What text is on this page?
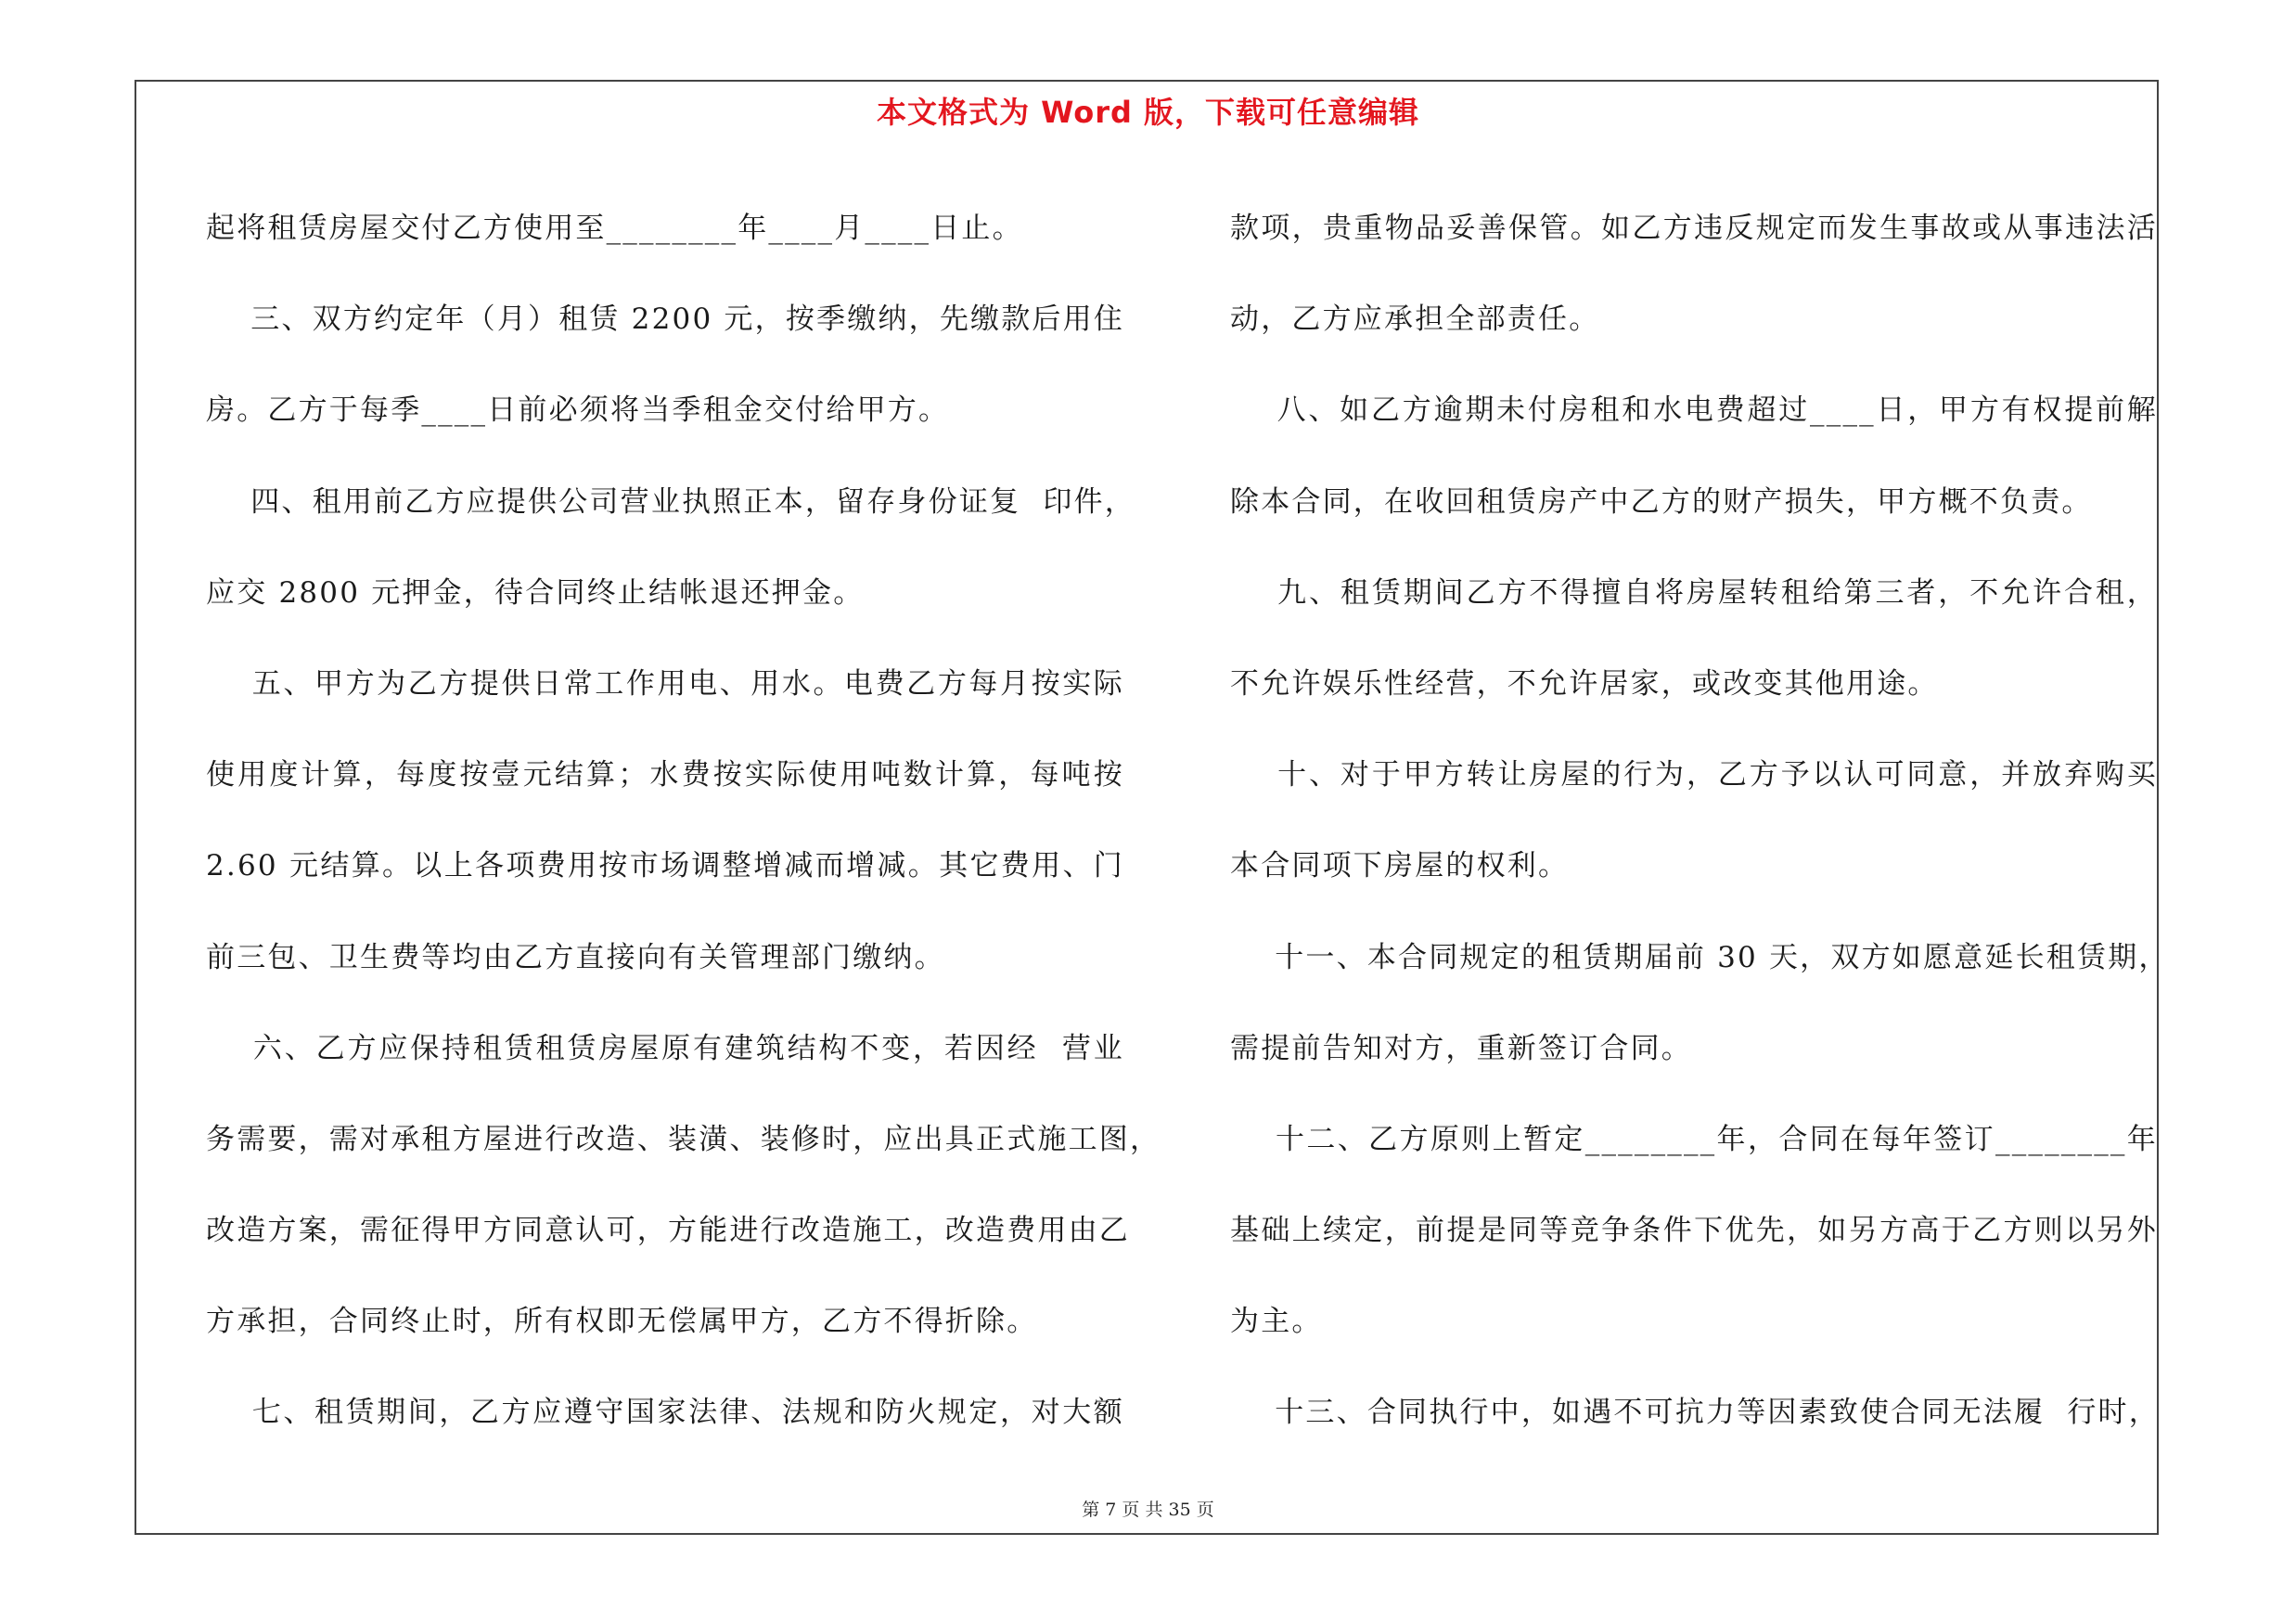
本文格式为 Word 版，下载可任意编辑
起将租赁房屋交付乙方使用至________年____月____日止。
三、双方约定年（月）租赁 2200 元，按季缴纳，先缴款后用住
房。乙方于每季____日前必须将当季租金交付给甲方。
四、租用前乙方应提供公司营业执照正本，留存身份证复  印件，
应交 2800 元押金，待合同终止结帐退还押金。
五、甲方为乙方提供日常工作用电、用水。电费乙方每月按实际
使用度计算，每度按壹元结算；水费按实际使用吨数计算，每吨按
2.60 元结算。以上各项费用按市场调整增减而增减。其它费用、门
前三包、卫生费等均由乙方直接向有关管理部门缴纳。
六、乙方应保持租赁租赁房屋原有建筑结构不变，若因经  营业
务需要，需对承租方屋进行改造、装潢、装修时，应出具正式施工图，
改造方案，需征得甲方同意认可，方能进行改造施工，改造费用由乙
方承担，合同终止时，所有权即无偿属甲方，乙方不得折除。
七、租赁期间，乙方应遵守国家法律、法规和防火规定，对大额
款项，贵重物品妥善保管。如乙方违反规定而发生事故或从事违法活
动，乙方应承担全部责任。
八、如乙方逾期未付房租和水电费超过____日，甲方有权提前解
除本合同，在收回租赁房产中乙方的财产损失，甲方概不负责。
九、租赁期间乙方不得擅自将房屋转租给第三者，不允许合租，
不允许娱乐性经营，不允许居家，或改变其他用途。
十、对于甲方转让房屋的行为，乙方予以认可同意，并放弃购买
本合同项下房屋的权利。
十一、本合同规定的租赁期届前 30 天，双方如愿意延长租赁期，
需提前告知对方，重新签订合同。
十二、乙方原则上暂定________年，合同在每年签订________年
基础上续定，前提是同等竞争条件下优先，如另方高于乙方则以另外
为主。
十三、合同执行中，如遇不可抗力等因素致使合同无法履  行时，
第 7 页 共 35 页
